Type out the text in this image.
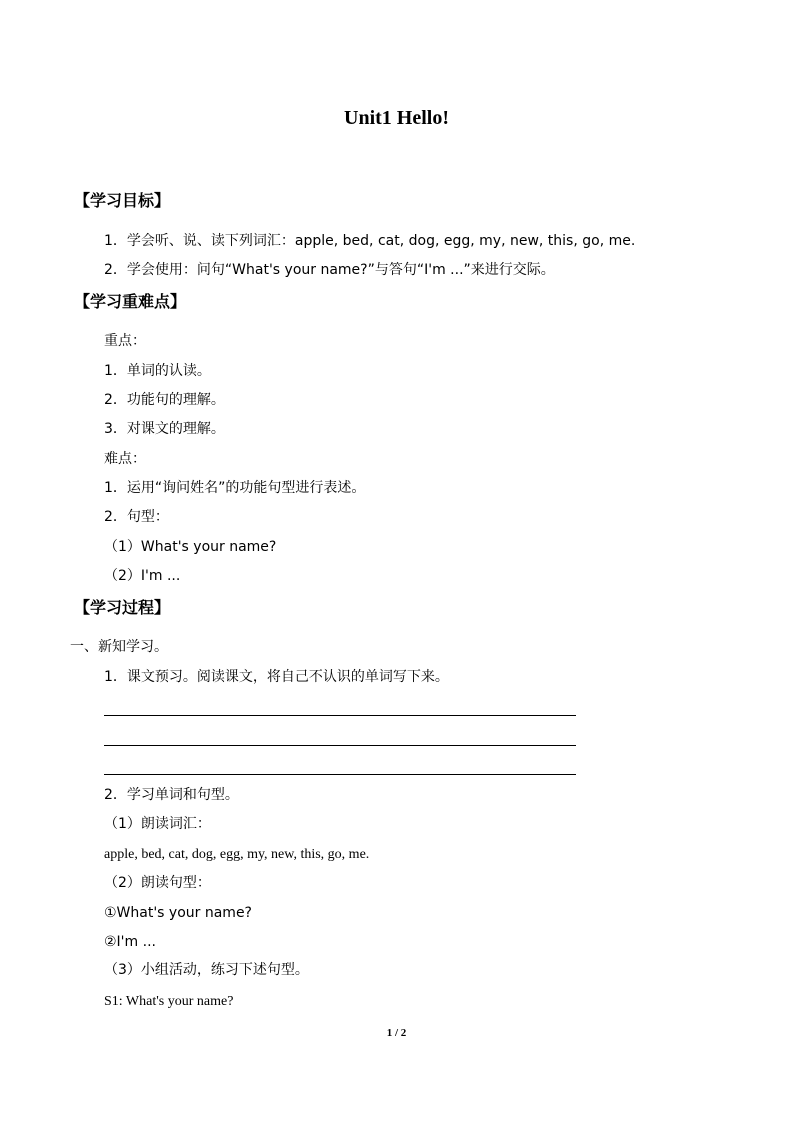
Unit1 Hello!
【学习目标】
1．学会听、说、读下列词汇：apple, bed, cat, dog, egg, my, new, this, go, me.
2．学会使用：问句“What's your name?”与答句“I'm ...”来进行交际。
【学习重难点】
重点：
1．单词的认读。
2．功能句的理解。
3．对课文的理解。
难点：
1．运用“询问姓名”的功能句型进行表述。
2．句型：
（1）What's your name?
（2）I'm ...
【学习过程】
一、新知学习。
1．课文预习。阅读课文，将自己不认识的单词写下来。
2．学习单词和句型。
（1）朗读词汇：
apple, bed, cat, dog, egg, my, new, this, go, me.
（2）朗读句型：
①What's your name?
②I'm ...
（3）小组活动，练习下述句型。
S1: What's your name?
1 / 2
